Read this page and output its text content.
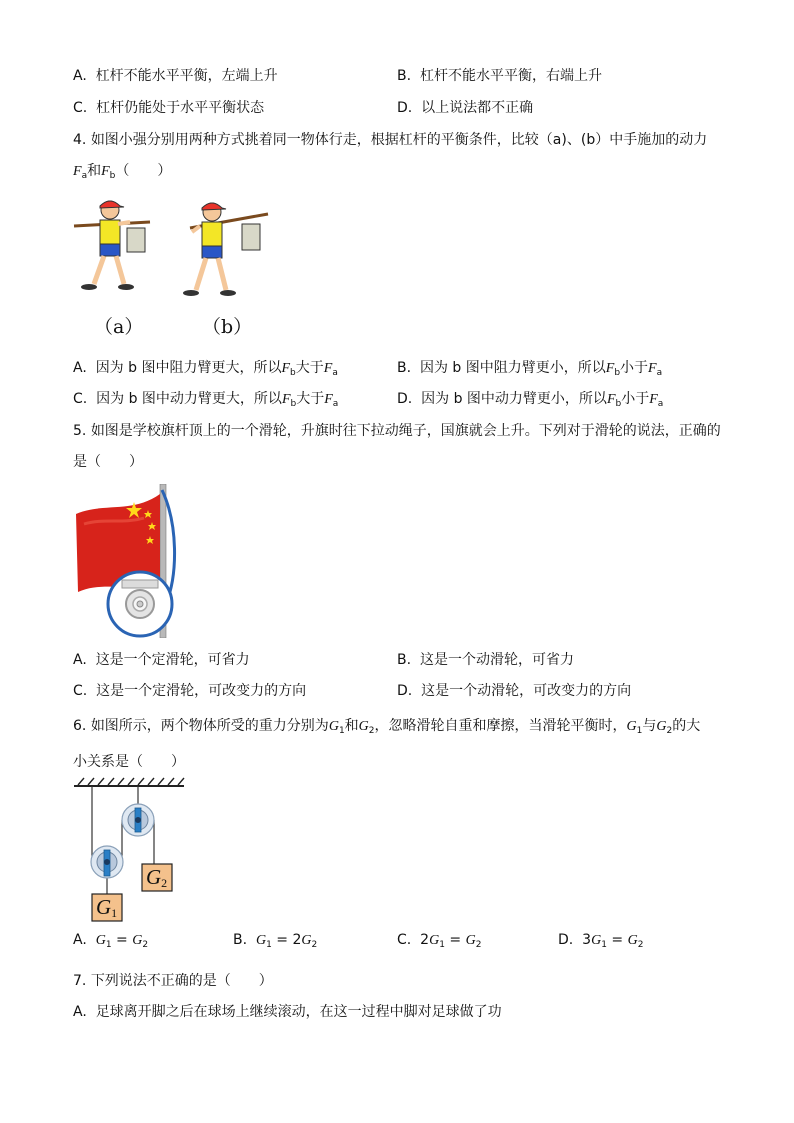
A. 杠杆不能水平平衡，左端上升	B. 杠杆不能水平平衡，右端上升
C. 杠杆仍能处于水平平衡状态	D. 以上说法都不正确
4. 如图小强分别用两种方式挑着同一物体行走，根据杠杆的平衡条件，比较（a)、(b）中手施加的动力
$F_a$和$F_b$（　　）
（a）	（b）
A. 因为 b 图中阻力臂更大，所以$F_b$大于$F_a$	B. 因为 b 图中阻力臂更小，所以$F_b$小于$F_a$
C. 因为 b 图中动力臂更大，所以$F_b$大于$F_a$	D. 因为 b 图中动力臂更小，所以$F_b$小于$F_a$
5. 如图是学校旗杆顶上的一个滑轮，升旗时往下拉动绳子，国旗就会上升。下列对于滑轮的说法，正确的
是（　　）
A. 这是一个定滑轮，可省力	B. 这是一个动滑轮，可省力
C. 这是一个定滑轮，可改变力的方向	D. 这是一个动滑轮，可改变力的方向
6. 如图所示，两个物体所受的重力分别为$G_1$和$G_2$，忽略滑轮自重和摩擦，当滑轮平衡时，$G_1$与$G_2$的大
小关系是（　　）
$G_2$
$G_1$
A. $G_1 = G_2$	B. $G_1 = 2G_2$	C. $2G_1 = G_2$	D. $3G_1 = G_2$
7. 下列说法不正确的是（　　）
A. 足球离开脚之后在球场上继续滚动，在这一过程中脚对足球做了功
